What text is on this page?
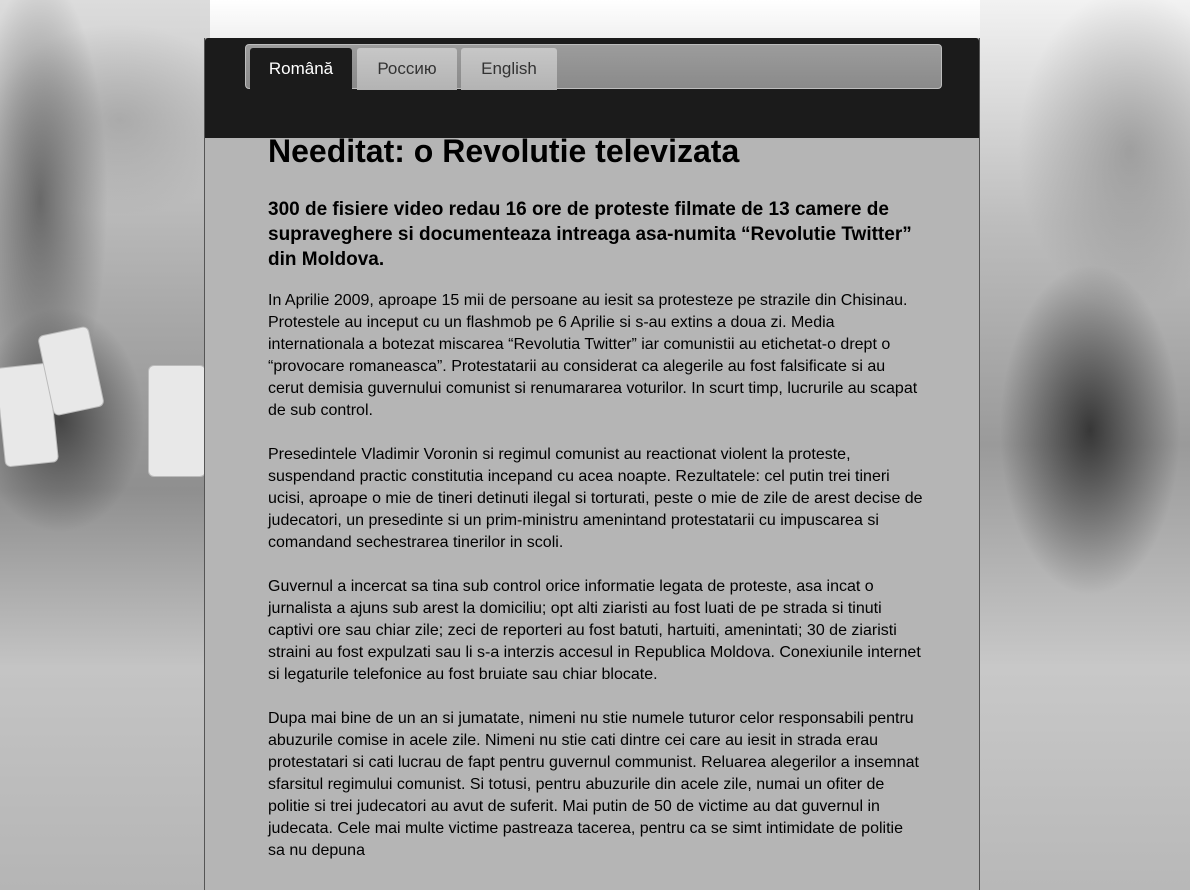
Română	Россию	English
Needitat: o Revolutie televizata

300 de fisiere video redau 16 ore de proteste filmate de 13 camere de supraveghere si documenteaza intreaga asa-numita “Revolutie Twitter” din Moldova.

In Aprilie 2009, aproape 15 mii de persoane au iesit sa protesteze pe strazile din Chisinau. Protestele au inceput cu un flashmob pe 6 Aprilie si s-au extins a doua zi. Media internationala a botezat miscarea “Revolutia Twitter” iar comunistii au etichetat-o drept o “provocare romaneasca”. Protestatarii au considerat ca alegerile au fost falsificate si au cerut demisia guvernului comunist si renumararea voturilor. In scurt timp, lucrurile au scapat de sub control.

Presedintele Vladimir Voronin si regimul comunist au reactionat violent la proteste, suspendand practic constitutia incepand cu acea noapte. Rezultatele: cel putin trei tineri ucisi, aproape o mie de tineri detinuti ilegal si torturati, peste o mie de zile de arest decise de judecatori, un presedinte si un prim-ministru amenintand protestatarii cu impuscarea si comandand sechestrarea tinerilor in scoli.

Guvernul a incercat sa tina sub control orice informatie legata de proteste, asa incat o jurnalista a ajuns sub arest la domiciliu; opt alti ziaristi au fost luati de pe strada si tinuti captivi ore sau chiar zile; zeci de reporteri au fost batuti, hartuiti, amenintati; 30 de ziaristi straini au fost expulzati sau li s-a interzis accesul in Republica Moldova. Conexiunile internet si legaturile telefonice au fost bruiate sau chiar blocate.

Dupa mai bine de un an si jumatate, nimeni nu stie numele tuturor celor responsabili pentru abuzurile comise in acele zile. Nimeni nu stie cati dintre cei care au iesit in strada erau protestatari si cati lucrau de fapt pentru guvernul communist. Reluarea alegerilor a insemnat sfarsitul regimului comunist. Si totusi, pentru abuzurile din acele zile, numai un ofiter de politie si trei judecatori au avut de suferit. Mai putin de 50 de victime au dat guvernul in judecata. Cele mai multe victime pastreaza tacerea, pentru ca se simt intimidate de politie sa nu depuna
